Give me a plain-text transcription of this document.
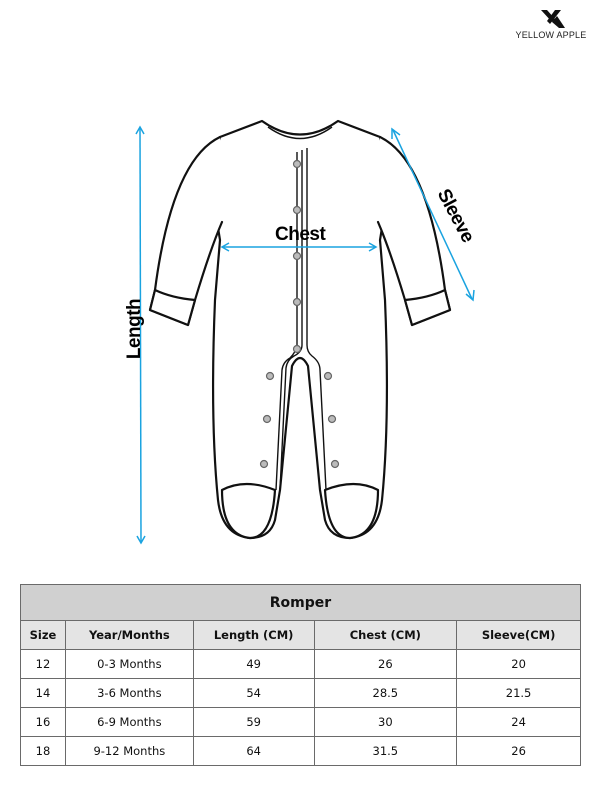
YELLOW APPLE
Chest
Length
Sleeve
Romper				
Size	Year/Months	Length (CM)	Chest (CM)	Sleeve(CM)
12	0-3 Months	49	26	20
14	3-6 Months	54	28.5	21.5
16	6-9 Months	59	30	24
18	9-12 Months	64	31.5	26
